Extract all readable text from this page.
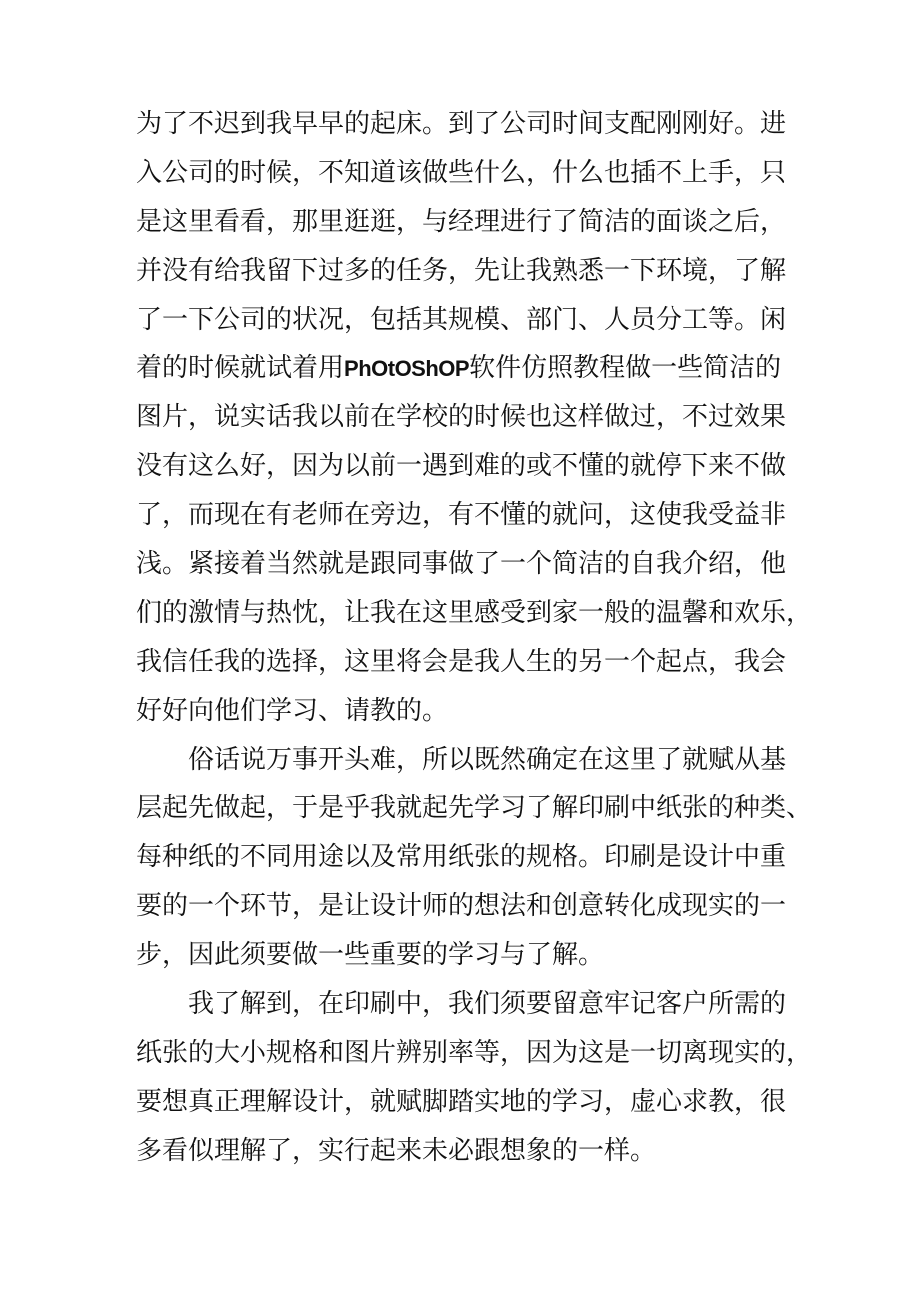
为了不迟到我早早的起床。到了公司时间支配刚刚好。进
入公司的时候，不知道该做些什么，什么也插不上手，只
是这里看看，那里逛逛，与经理进行了简洁的面谈之后，
并没有给我留下过多的任务，先让我熟悉一下环境，了解
了一下公司的状况，包括其规模、部门、人员分工等。闲
着的时候就试着用PhOtOShOP软件仿照教程做一些简洁的
图片，说实话我以前在学校的时候也这样做过，不过效果
没有这么好，因为以前一遇到难的或不懂的就停下来不做
了，而现在有老师在旁边，有不懂的就问，这使我受益非
浅。紧接着当然就是跟同事做了一个简洁的自我介绍，他
们的激情与热忱，让我在这里感受到家一般的温馨和欢乐，
我信任我的选择，这里将会是我人生的另一个起点，我会
好好向他们学习、请教的。
俗话说万事开头难，所以既然确定在这里了就赋从基
层起先做起，于是乎我就起先学习了解印刷中纸张的种类、
每种纸的不同用途以及常用纸张的规格。印刷是设计中重
要的一个环节，是让设计师的想法和创意转化成现实的一
步，因此须要做一些重要的学习与了解。
我了解到，在印刷中，我们须要留意牢记客户所需的
纸张的大小规格和图片辨别率等，因为这是一切离现实的，
要想真正理解设计，就赋脚踏实地的学习，虚心求教，很
多看似理解了，实行起来未必跟想象的一样。
